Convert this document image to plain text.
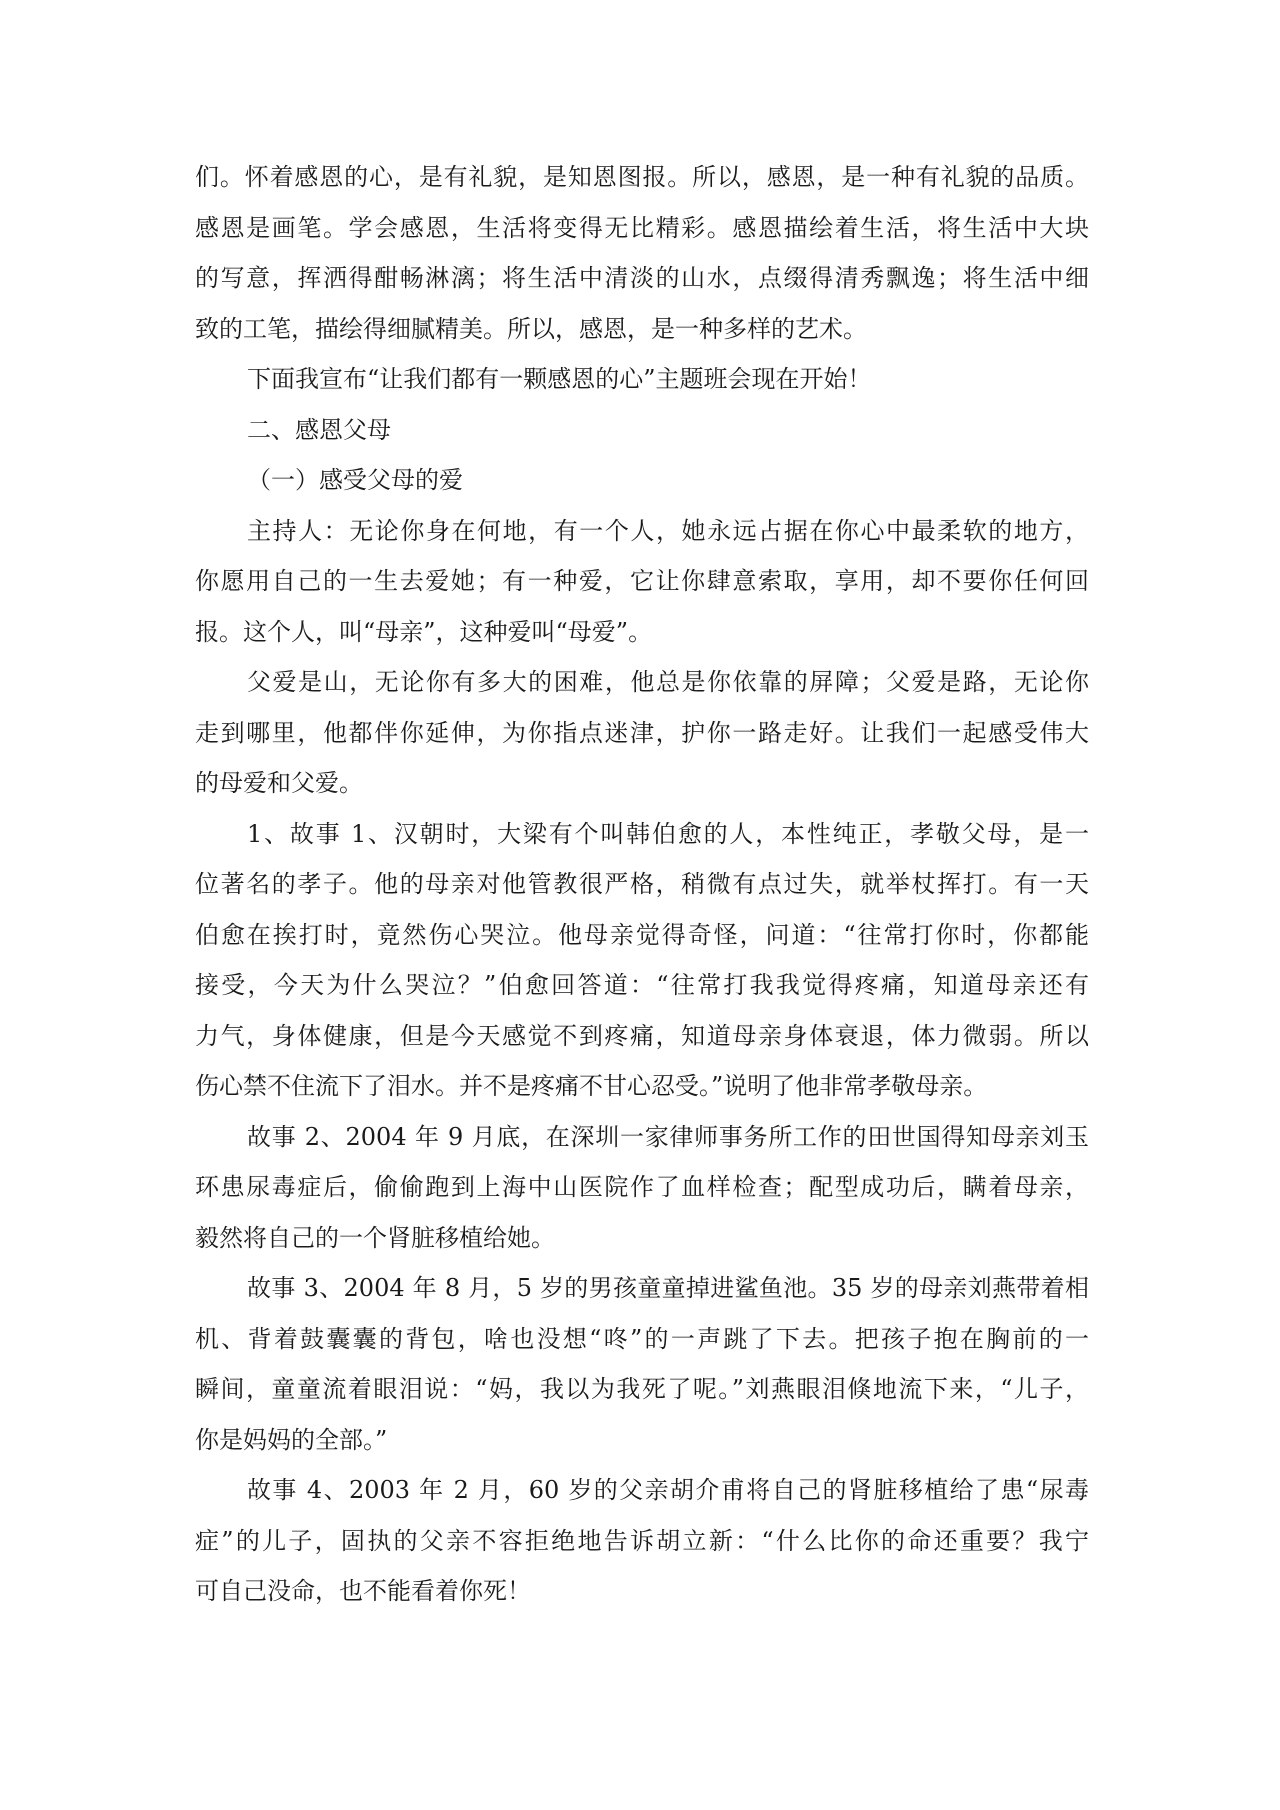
们。怀着感恩的心，是有礼貌，是知恩图报。所以，感恩，是一种有礼貌的品质。
感恩是画笔。学会感恩，生活将变得无比精彩。感恩描绘着生活，将生活中大块
的写意，挥洒得酣畅淋漓；将生活中清淡的山水，点缀得清秀飘逸；将生活中细
致的工笔，描绘得细腻精美。所以，感恩，是一种多样的艺术。
下面我宣布“让我们都有一颗感恩的心”主题班会现在开始！
二、感恩父母
（一）感受父母的爱
主持人：无论你身在何地，有一个人，她永远占据在你心中最柔软的地方，
你愿用自己的一生去爱她；有一种爱，它让你肆意索取，享用，却不要你任何回
报。这个人，叫“母亲”，这种爱叫“母爱”。
父爱是山，无论你有多大的困难，他总是你依靠的屏障；父爱是路，无论你
走到哪里，他都伴你延伸，为你指点迷津，护你一路走好。让我们一起感受伟大
的母爱和父爱。
1、故事 1、汉朝时，大梁有个叫韩伯愈的人，本性纯正，孝敬父母，是一
位著名的孝子。他的母亲对他管教很严格，稍微有点过失，就举杖挥打。有一天
伯愈在挨打时，竟然伤心哭泣。他母亲觉得奇怪，问道：“往常打你时，你都能
接受，今天为什么哭泣？”伯愈回答道：“往常打我我觉得疼痛，知道母亲还有
力气，身体健康，但是今天感觉不到疼痛，知道母亲身体衰退，体力微弱。所以
伤心禁不住流下了泪水。并不是疼痛不甘心忍受。”说明了他非常孝敬母亲。
故事 2、2004 年 9 月底，在深圳一家律师事务所工作的田世国得知母亲刘玉
环患尿毒症后，偷偷跑到上海中山医院作了血样检查；配型成功后，瞒着母亲，
毅然将自己的一个肾脏移植给她。
故事 3、2004 年 8 月，5 岁的男孩童童掉进鲨鱼池。35 岁的母亲刘燕带着相
机、背着鼓囊囊的背包，啥也没想“咚”的一声跳了下去。把孩子抱在胸前的一
瞬间，童童流着眼泪说：“妈，我以为我死了呢。”刘燕眼泪倏地流下来，“儿子，
你是妈妈的全部。”
故事 4、2003 年 2 月，60 岁的父亲胡介甫将自己的肾脏移植给了患“尿毒
症”的儿子，固执的父亲不容拒绝地告诉胡立新：“什么比你的命还重要？我宁
可自己没命，也不能看着你死！
